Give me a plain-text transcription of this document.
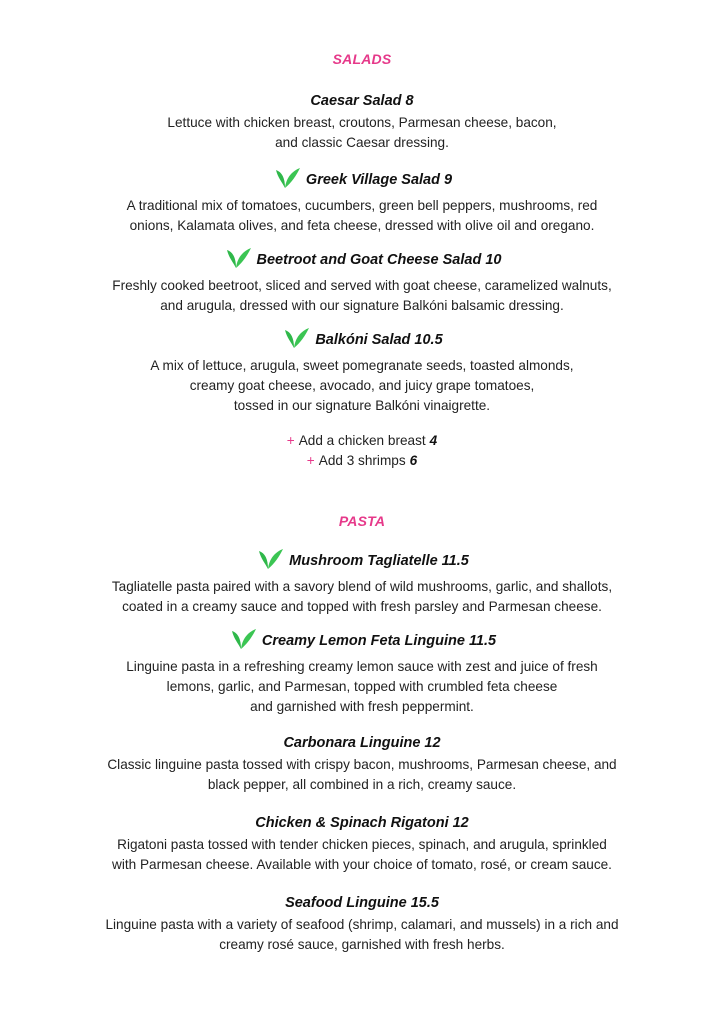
SALADS
Caesar Salad 8
Lettuce with chicken breast, croutons, Parmesan cheese, bacon,
and classic Caesar dressing.
Greek Village Salad 9
A traditional mix of tomatoes, cucumbers, green bell peppers, mushrooms, red
onions, Kalamata olives, and feta cheese, dressed with olive oil and oregano.
Beetroot and Goat Cheese Salad 10
Freshly cooked beetroot, sliced and served with goat cheese, caramelized walnuts,
and arugula, dressed with our signature Balkóni balsamic dressing.
Balkóni Salad 10.5
A mix of lettuce, arugula, sweet pomegranate seeds, toasted almonds,
creamy goat cheese, avocado, and juicy grape tomatoes,
tossed in our signature Balkóni vinaigrette.
+ Add a chicken breast 4
+ Add 3 shrimps 6
PASTA
Mushroom Tagliatelle 11.5
Tagliatelle pasta paired with a savory blend of wild mushrooms, garlic, and shallots,
coated in a creamy sauce and topped with fresh parsley and Parmesan cheese.
Creamy Lemon Feta Linguine 11.5
Linguine pasta in a refreshing creamy lemon sauce with zest and juice of fresh
lemons, garlic, and Parmesan, topped with crumbled feta cheese
and garnished with fresh peppermint.
Carbonara Linguine 12
Classic linguine pasta tossed with crispy bacon, mushrooms, Parmesan cheese, and
black pepper, all combined in a rich, creamy sauce.
Chicken & Spinach Rigatoni 12
Rigatoni pasta tossed with tender chicken pieces, spinach, and arugula, sprinkled
with Parmesan cheese. Available with your choice of tomato, rosé, or cream sauce.
Seafood Linguine 15.5
Linguine pasta with a variety of seafood (shrimp, calamari, and mussels) in a rich and
creamy rosé sauce, garnished with fresh herbs.
